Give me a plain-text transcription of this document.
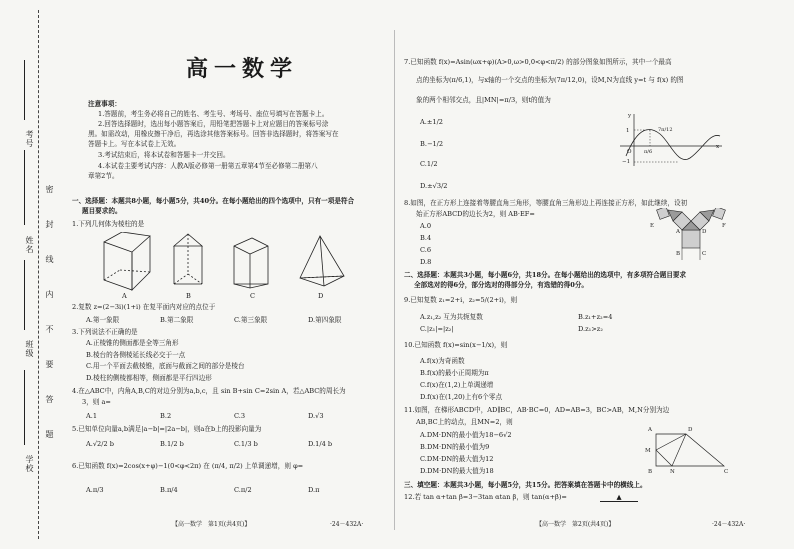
考号
姓名
班级
学校
密
封
线
内
不
要
答
题
高一数学
注意事项：
1.答题前，考生务必将自己的姓名、考生号、考场号、座位号填写在答题卡上。
2.回答选择题时，选出每小题答案后，用铅笔把答题卡上对应题目的答案标号涂
黑。如需改动，用橡皮擦干净后，再选涂其他答案标号。回答非选择题时，将答案写在
答题卡上。写在本试卷上无效。
3.考试结束后，将本试卷和答题卡一并交回。
4.本试卷主要考试内容：人教A版必修第一册第五章第4节至必修第二册第八
章第2节。
一、选择题：本题共8小题，每小题5分，共40分。在每小题给出的四个选项中，只有一项是符合
题目要求的。
1.下列几何体为棱柱的是
A	B	C	D
2.复数 z=(2−3i)(1+i) 在复平面内对应的点位于
A.第一象限	B.第二象限	C.第三象限	D.第四象限
3.下列说法不正确的是
A.正棱锥的侧面都是全等三角形
B.棱台的各侧棱延长线必交于一点
C.用一个平面去截棱锥，底面与截面之间的部分是棱台
D.棱柱的侧棱都相等，侧面都是平行四边形
4.在△ABC中，内角A,B,C的对边分别为a,b,c，且 sin B+sin C=2sin A，若△ABC的周长为
3，则 a=
A.1	B.2	C.3	D.√3
5.已知单位向量a,b满足|a−b|=|2a−b|，则a在b上的投影向量为
A.√2/2 b	B.1/2 b	C.1/3 b	D.1/4 b
6.已知函数 f(x)=2cos(x+φ)−1(0<φ<2π) 在 (π/4, π/2) 上单调递增，则 φ=
A.π/3	B.π/4	C.π/2	D.π
【高一数学　第1页(共4页)】	·24－432A·
7.已知函数 f(x)=Asin(ωx+φ)(A>0,ω>0,0<φ<π/2) 的部分图象如图所示，其中一个最高
点的坐标为(π/6,1)，与x轴的一个交点的坐标为(7π/12,0)，设M,N为直线 y=t 与 f(x) 的图
象的两个相邻交点，且|MN|=π/3，则t的值为
A.±1/2
B.−1/2
C.1/2
D.±√3/2
y
x
1
−1
O π/6
7π/12
8.如图，在正方形上连接着等腰直角三角形，等腰直角三角形边上再连接正方形，如此继续，设初
始正方形ABCD的边长为2，则 AB·EF=
A.0
B.4
C.6
D.8
E	F
A	D
B	C
二、选择题：本题共3小题，每小题6分，共18分。在每小题给出的选项中，有多项符合题目要求
全部选对的得6分，部分选对的得部分分，有选错的得0分。
9.已知复数 z₁=2+i，z₂=5/(2+i)，则
A.z₁,z₂ 互为共轭复数	B.z₁+z₂=4
C.|z₁|=|z₂|	D.z₁>z₂
10.已知函数 f(x)=sin(x−1/x)，则
A.f(x)为奇函数
B.f(x)的最小正周期为π
C.f(x)在(1,2)上单调递增
D.f(x)在(1,20)上有6个零点
11.如图，在梯形ABCD中，AD∥BC，AB·BC=0，AD=AB=3，BC>AB，M,N分别为边
AB,BC上的动点，且MN=2，则
A.DM·DN的最小值为18−6√2
B.DM·DN的最小值为9
C.DM·DN的最大值为12
D.DM·DN的最大值为18
A	D
M
B	N	C
三、填空题：本题共3小题，每小题5分，共15分。把答案填在答题卡中的横线上。
12.若 tan α+tan β=3−3tan αtan β，则 tan(α+β)=	▲
【高一数学　第2页(共4页)】	·24－432A·
